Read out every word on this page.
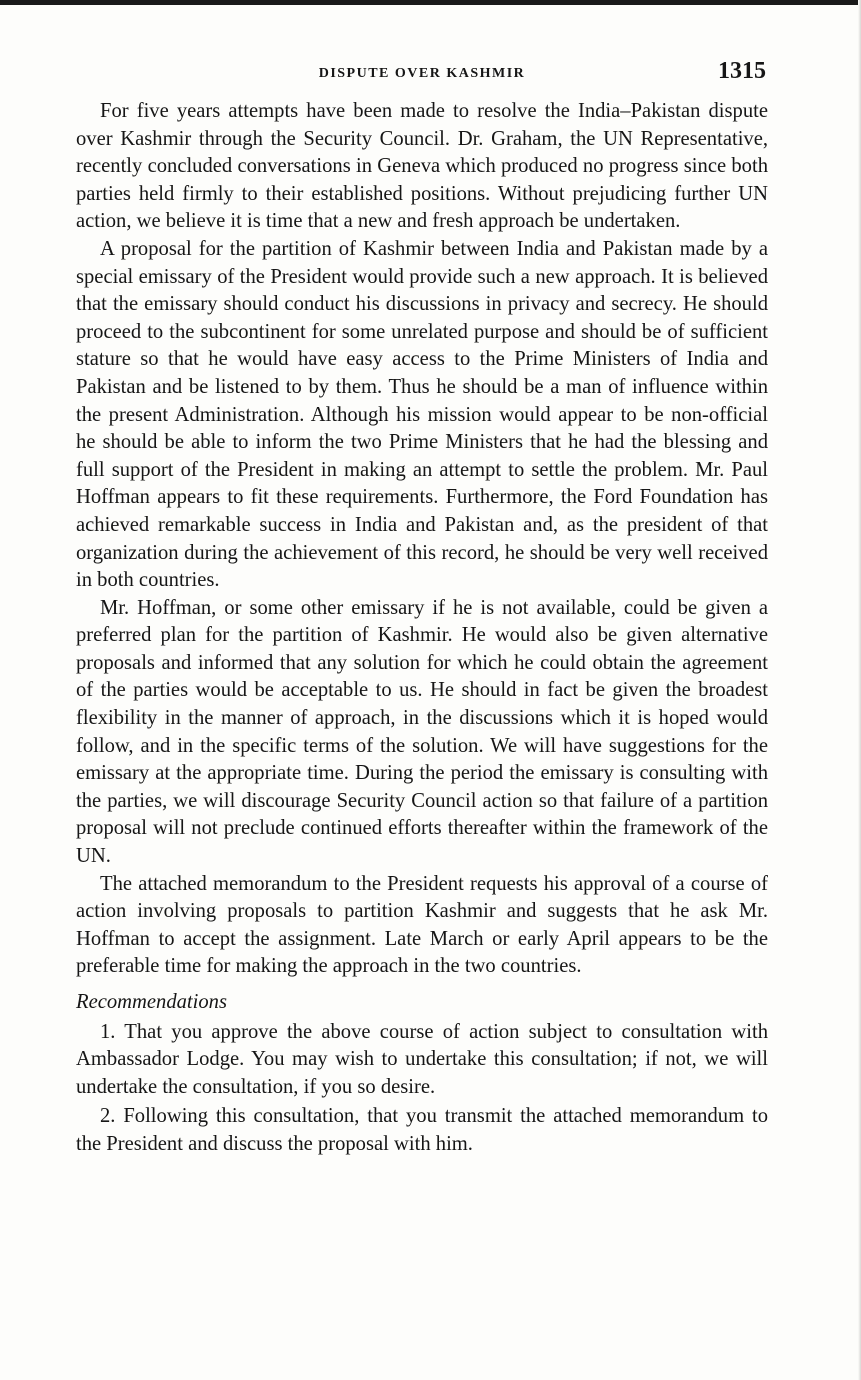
DISPUTE OVER KASHMIR	1315

For five years attempts have been made to resolve the India–Pakistan dispute over Kashmir through the Security Council. Dr. Graham, the UN Representative, recently concluded conversations in Geneva which produced no progress since both parties held firmly to their established positions. Without prejudicing further UN action, we believe it is time that a new and fresh approach be undertaken.

A proposal for the partition of Kashmir between India and Pakistan made by a special emissary of the President would provide such a new approach. It is believed that the emissary should conduct his discussions in privacy and secrecy. He should proceed to the subcontinent for some unrelated purpose and should be of sufficient stature so that he would have easy access to the Prime Ministers of India and Pakistan and be listened to by them. Thus he should be a man of influence within the present Administration. Although his mission would appear to be non-official he should be able to inform the two Prime Ministers that he had the blessing and full support of the President in making an attempt to settle the problem. Mr. Paul Hoffman appears to fit these requirements. Furthermore, the Ford Foundation has achieved remarkable success in India and Pakistan and, as the president of that organization during the achievement of this record, he should be very well received in both countries.

Mr. Hoffman, or some other emissary if he is not available, could be given a preferred plan for the partition of Kashmir. He would also be given alternative proposals and informed that any solution for which he could obtain the agreement of the parties would be acceptable to us. He should in fact be given the broadest flexibility in the manner of approach, in the discussions which it is hoped would follow, and in the specific terms of the solution. We will have suggestions for the emissary at the appropriate time. During the period the emissary is consulting with the parties, we will discourage Security Council action so that failure of a partition proposal will not preclude continued efforts thereafter within the framework of the UN.

The attached memorandum to the President requests his approval of a course of action involving proposals to partition Kashmir and suggests that he ask Mr. Hoffman to accept the assignment. Late March or early April appears to be the preferable time for making the approach in the two countries.

Recommendations

1. That you approve the above course of action subject to consultation with Ambassador Lodge. You may wish to undertake this consultation; if not, we will undertake the consultation, if you so desire.

2. Following this consultation, that you transmit the attached memorandum to the President and discuss the proposal with him.
